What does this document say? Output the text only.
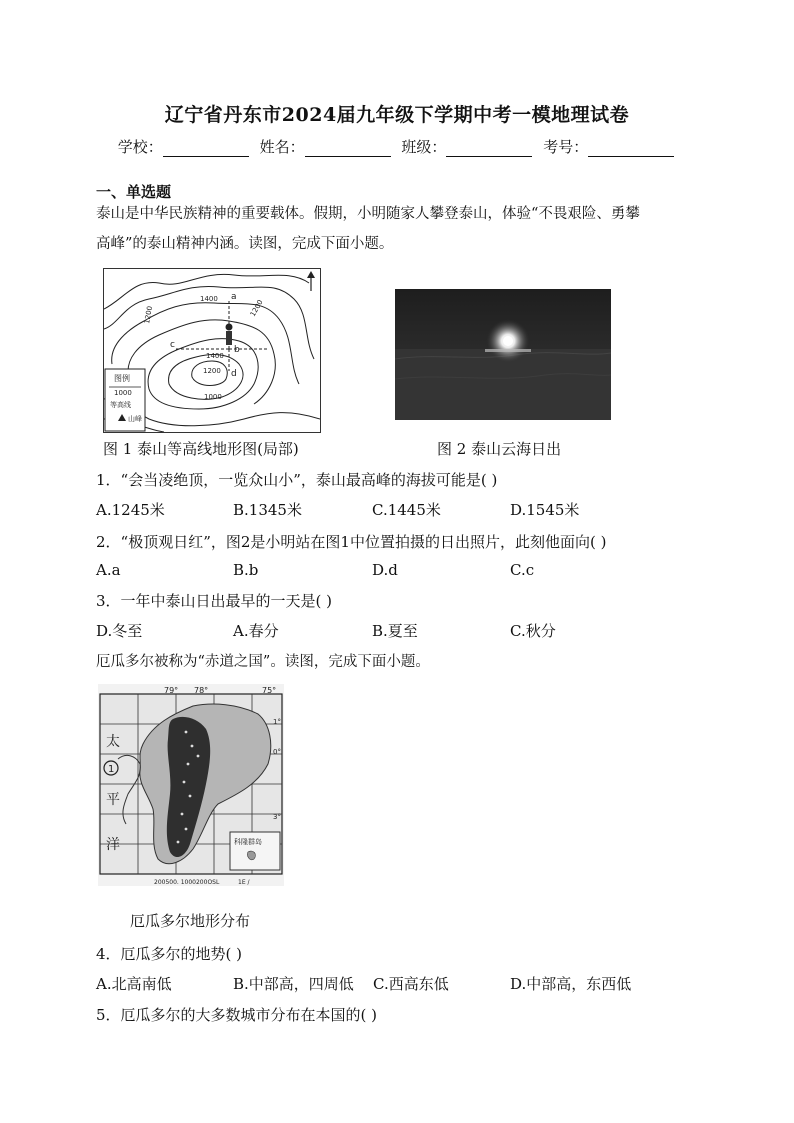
辽宁省丹东市2024届九年级下学期中考一模地理试卷
学校：	姓名：	班级：	考号：
一、单选题
泰山是中华民族精神的重要载体。假期，小明随家人攀登泰山，体验“不畏艰险、勇攀
高峰”的泰山精神内涵。读图，完成下面小题。
1400
1200	1200
1000
1400
1200
a
b
c
d
图例
1000
等高线
山峰
图 1 泰山等高线地形图(局部)	图 2 泰山云海日出
1．“会当凌绝顶，一览众山小”，泰山最高峰的海拔可能是( )
A.1245米	B.1345米	C.1445米	D.1545米
2．“极顶观日红”，图2是小明站在图1中位置拍摄的日出照片，此刻他面向( )
A.a	B.b	D.d	C.c
3．一年中泰山日出最早的一天是( )
D.冬至	A.春分	B.夏至	C.秋分
厄瓜多尔被称为“赤道之国”。读图，完成下面小题。
科隆群岛
79° 78°	75°
1°
0°
3°
太
平
洋
1
200500. 1000200OSL	1E /
厄瓜多尔地形分布
4．厄瓜多尔的地势( )
A.北高南低	B.中部高，四周低 C.西高东低	D.中部高，东西低
5．厄瓜多尔的大多数城市分布在本国的( )
